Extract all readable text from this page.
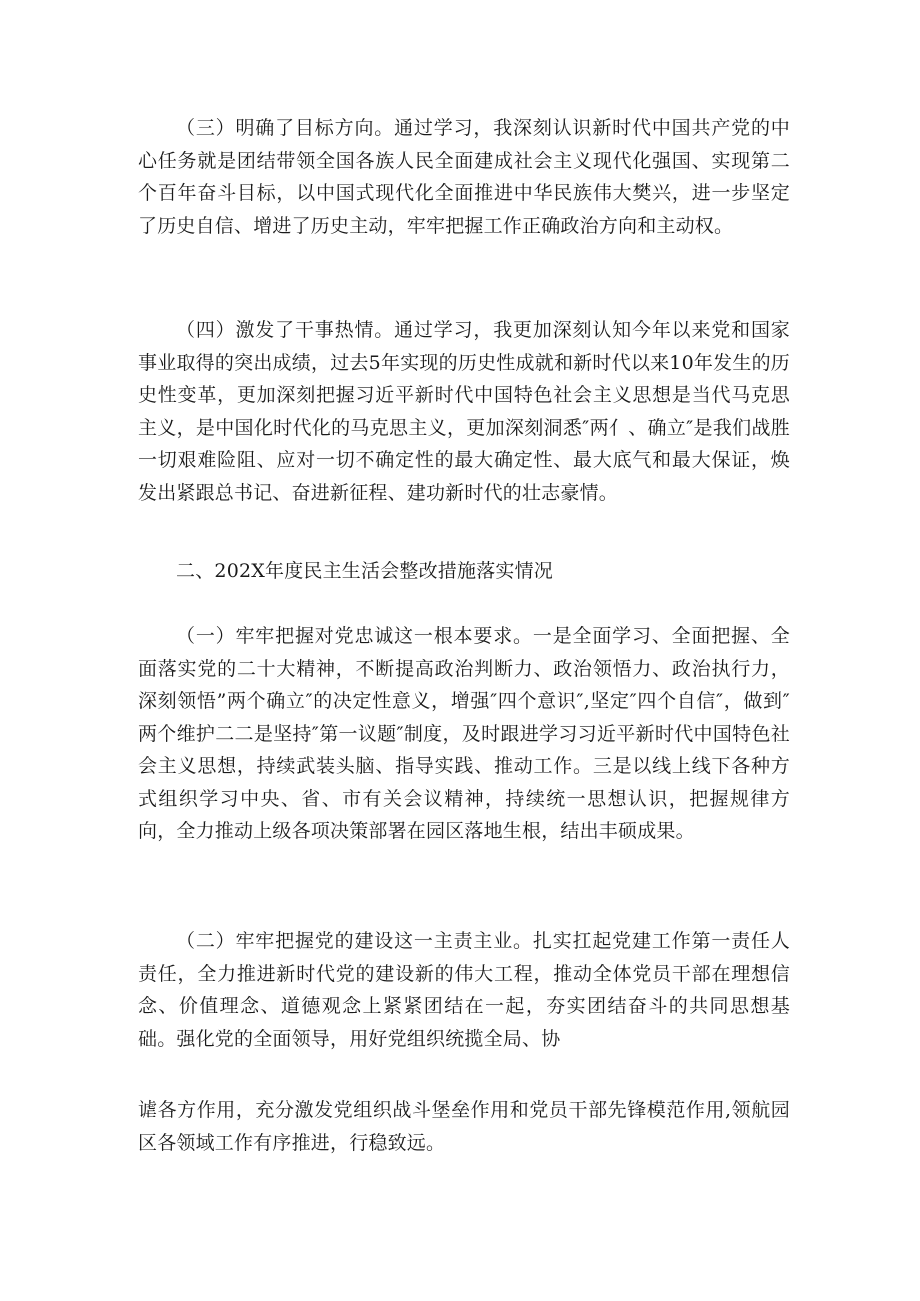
（三）明确了目标方向。通过学习，我深刻认识新时代中国共产党的中心任务就是团结带领全国各族人民全面建成社会主义现代化强国、实现第二个百年奋斗目标，以中国式现代化全面推进中华民族伟大樊兴，进一步坚定了历史自信、增进了历史主动，牢牢把握工作正确政治方向和主动权。

（四）激发了干事热情。通过学习，我更加深刻认知今年以来党和国家事业取得的突出成绩，过去5年实现的历史性成就和新时代以来10年发生的历史性变革，更加深刻把握习近平新时代中国特色社会主义思想是当代马克思主义，是中国化时代化的马克思主义，更加深刻洞悉″两亻、确立″是我们战胜一切艰难险阻、应对一切不确定性的最大确定性、最大底气和最大保证，焕发出紧跟总书记、奋进新征程、建功新时代的壮志豪情。

二、202X年度民主生活会整改措施落实情况

（一）牢牢把握对党忠诚这一根本要求。一是全面学习、全面把握、全面落实党的二十大精神，不断提高政治判断力、政治领悟力、政治执行力，深刻领悟”两个确立″的决定性意义，增强″四个意识″,坚定″四个自信″，做到″两个维护二二是坚持″第一议题″制度，及时跟进学习习近平新时代中国特色社会主义思想，持续武装头脑、指导实践、推动工作。三是以线上线下各种方式组织学习中央、省、市有关会议精神，持续统一思想认识，把握规律方向，全力推动上级各项决策部署在园区落地生根，结出丰硕成果。

（二）牢牢把握党的建设这一主责主业。扎实扛起党建工作第一责任人责任，全力推进新时代党的建设新的伟大工程，推动全体党员干部在理想信念、价值理念、道德观念上紧紧团结在一起，夯实团结奋斗的共同思想基础。强化党的全面领导，用好党组织统揽全局、协

谑各方作用，充分激发党组织战斗堡垒作用和党员干部先锋模范作用,领航园区各领域工作有序推进，行稳致远。
